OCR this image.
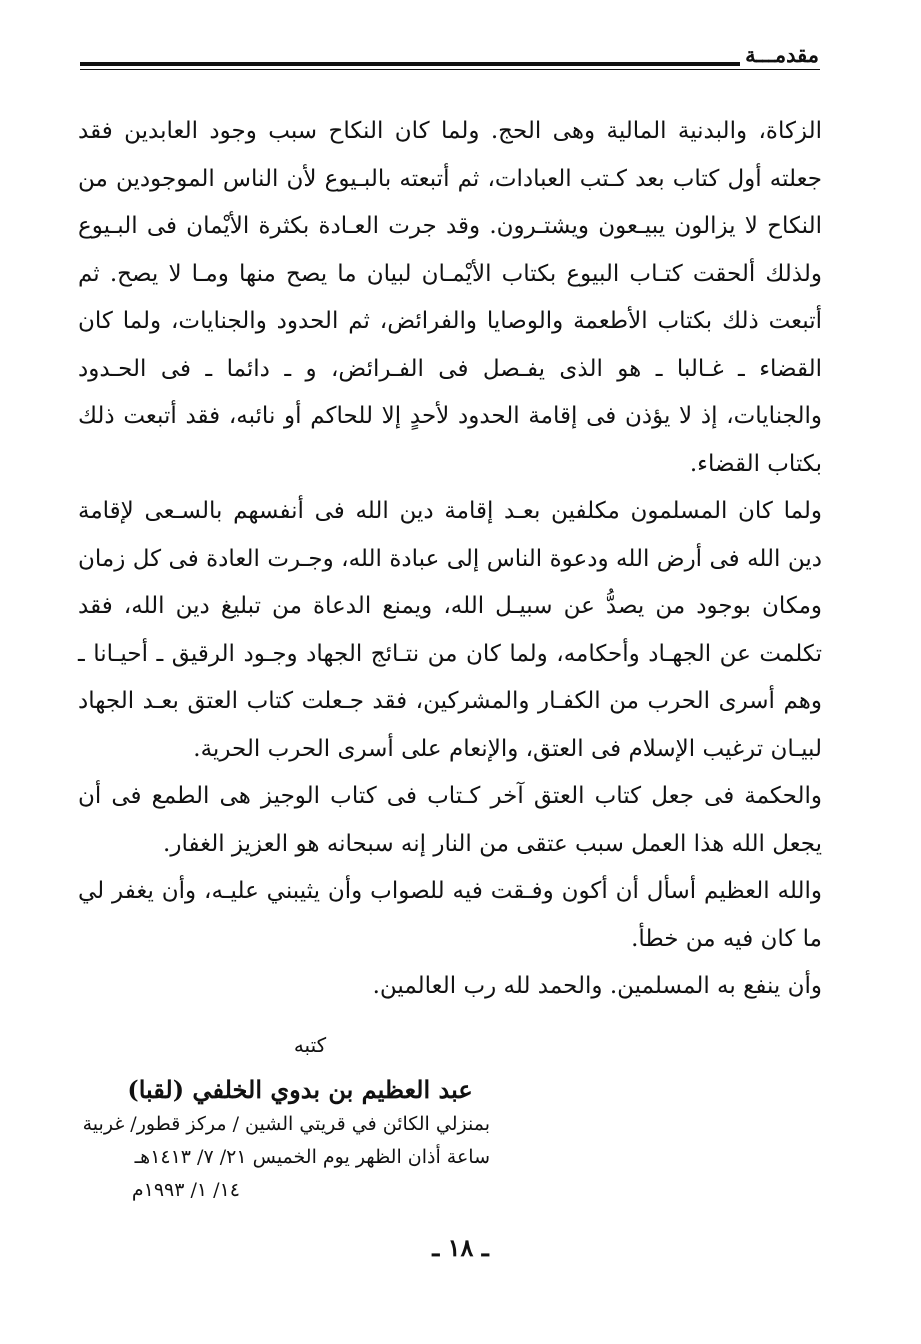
مقدمـــة

الزكاة، والبدنية المالية وهى الحج. ولما كان النكاح سبب وجود العابدين فقد جعلته أول كتاب بعد كـتب العبادات، ثم أتبعته بالبـيوع لأن الناس الموجودين من النكاح لا يزالون يبيـعون ويشتـرون. وقد جرت العـادة بكثرة الأيْمان فى البـيوع ولذلك ألحقت كتـاب البيوع بكتاب الأيْمـان لبيان ما يصح منها ومـا لا يصح. ثم أتبعت ذلك بكتاب الأطعمة والوصايا والفرائض، ثم الحدود والجنايات، ولما كان القضاء ـ غـالبا ـ هو الذى يفـصل فى الفـرائض، و ـ دائما ـ فى الحـدود والجنايات، إذ لا يؤذن فى إقامة الحدود لأحدٍ إلا للحاكم أو نائبه، فقد أتبعت ذلك بكتاب القضاء.

ولما كان المسلمون مكلفين بعـد إقامة دين الله فى أنفسهم بالسـعى لإقامة دين الله فى أرض الله ودعوة الناس إلى عبادة الله، وجـرت العادة فى كل زمان ومكان بوجود من يصدُّ عن سبيـل الله، ويمنع الدعاة من تبليغ دين الله، فقد تكلمت عن الجهـاد وأحكامه، ولما كان من نتـائج الجهاد وجـود الرقيق ـ أحيـانا ـ وهم أسرى الحرب من الكفـار والمشركين، فقد جـعلت كتاب العتق بعـد الجهاد لبيـان ترغيب الإسلام فى العتق، والإنعام على أسرى الحرب الحرية.

والحكمة فى جعل كتاب العتق آخر كـتاب فى كتاب الوجيز هى الطمع فى أن يجعل الله هذا العمل سبب عتقى من النار إنه سبحانه هو العزيز الغفار.

والله العظيم أسأل أن أكون وفـقت فيه للصواب وأن يثيبني عليـه، وأن يغفر لي ما كان فيه من خطأ.

وأن ينفع به المسلمين. والحمد لله رب العالمين.

كتبه
عبد العظيم بن بدوي الخلفي (لقبا)
بمنزلي الكائن في قريتي الشين / مركز قطور/ غربية
ساعة أذان الظهر يوم الخميس ٢١/ ٧/ ١٤١٣هـ
١٤/ ١/ ١٩٩٣م
ـ ١٨ ـ
